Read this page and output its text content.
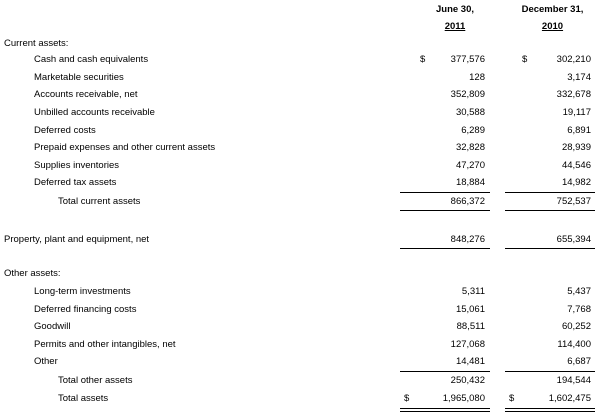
June 30,
2011
December 31,
2010
Current assets:
Cash and cash equivalents	$	377,576	$	302,210
Marketable securities	128	3,174
Accounts receivable, net	352,809	332,678
Unbilled accounts receivable	30,588	19,117
Deferred costs	6,289	6,891
Prepaid expenses and other current assets	32,828	28,939
Supplies inventories	47,270	44,546
Deferred tax assets	18,884	14,982
Total current assets	866,372	752,537
Property, plant and equipment, net	848,276	655,394
Other assets:
Long-term investments	5,311	5,437
Deferred financing costs	15,061	7,768
Goodwill	88,511	60,252
Permits and other intangibles, net	127,068	114,400
Other	14,481	6,687
Total other assets	250,432	194,544
Total assets	$	1,965,080	$	1,602,475
